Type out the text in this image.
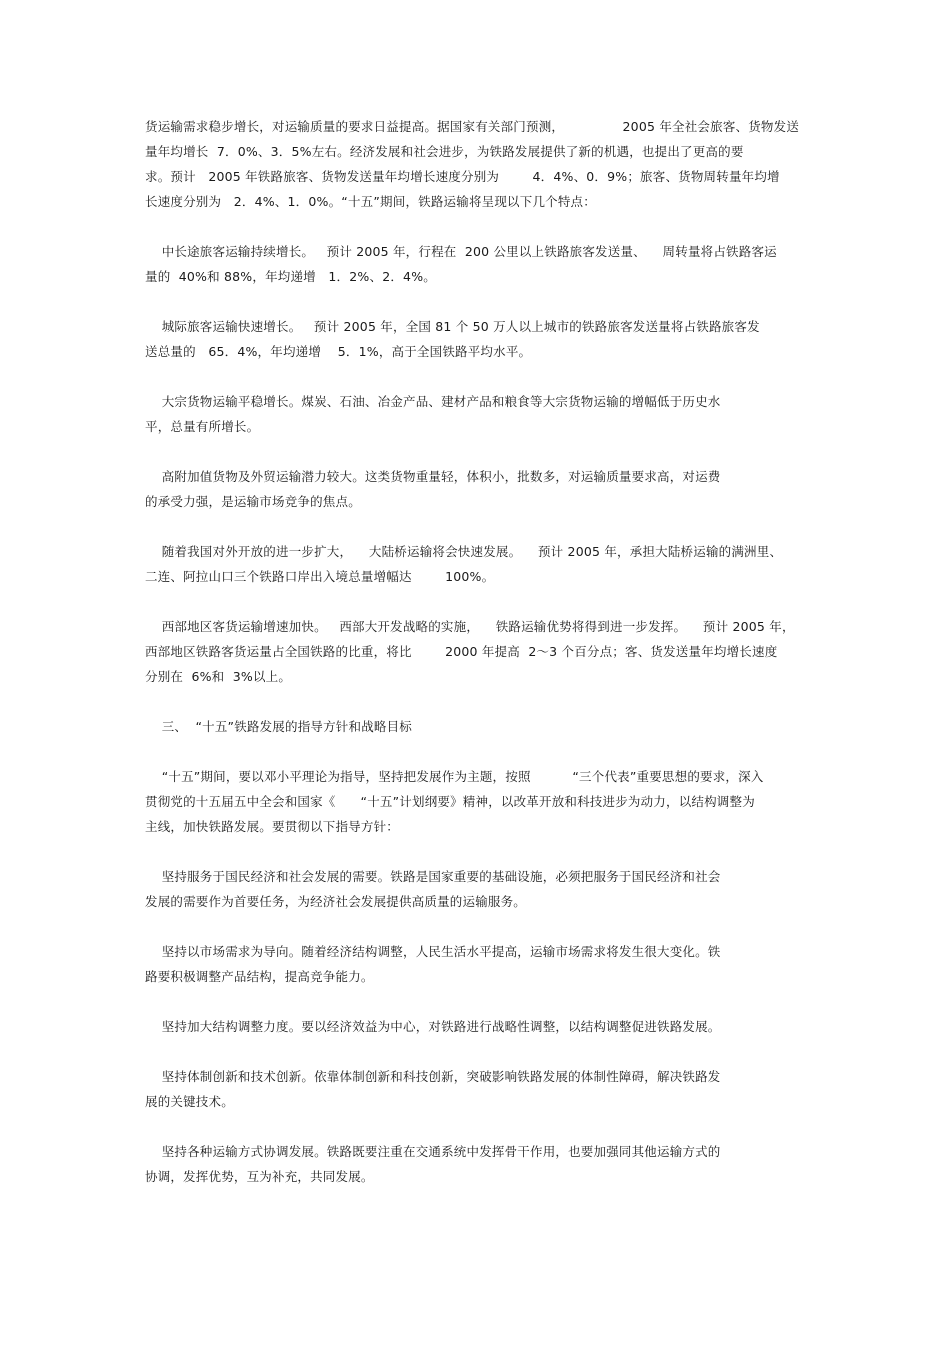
货运输需求稳步增长，对运输质量的要求日益提高。据国家有关部门预测，              2005 年全社会旅客、货物发送
量年均增长  7．0%、3．5%左右。经济发展和社会进步，为铁路发展提供了新的机遇，也提出了更高的要
求。预计   2005 年铁路旅客、货物发送量年均增长速度分别为        4．4%、0．9%；旅客、货物周转量年均增
长速度分别为   2．4%、1．0%。“十五”期间，铁路运输将呈现以下几个特点：
中长途旅客运输持续增长。   预计 2005 年，行程在  200 公里以上铁路旅客发送量、    周转量将占铁路客运
量的  40%和 88%，年均递增   1．2%、2．4%。
城际旅客运输快速增长。   预计 2005 年，全国 81 个 50 万人以上城市的铁路旅客发送量将占铁路旅客发
送总量的   65．4%，年均递增    5．1%，高于全国铁路平均水平。
大宗货物运输平稳增长。煤炭、石油、冶金产品、建材产品和粮食等大宗货物运输的增幅低于历史水
平，总量有所增长。
高附加值货物及外贸运输潜力较大。这类货物重量轻，体积小，批数多，对运输质量要求高，对运费
的承受力强，是运输市场竞争的焦点。
随着我国对外开放的进一步扩大，    大陆桥运输将会快速发展。    预计 2005 年，承担大陆桥运输的满洲里、
二连、阿拉山口三个铁路口岸出入境总量增幅达        100%。
西部地区客货运输增速加快。   西部大开发战略的实施，    铁路运输优势将得到进一步发挥。    预计 2005 年，
西部地区铁路客货运量占全国铁路的比重，将比        2000 年提高  2～3 个百分点；客、货发送量年均增长速度
分别在  6%和  3%以上。
三、  “十五”铁路发展的指导方针和战略目标
“十五”期间，要以邓小平理论为指导，坚持把发展作为主题，按照          “三个代表”重要思想的要求，深入
贯彻党的十五届五中全会和国家《      “十五”计划纲要》精神，以改革开放和科技进步为动力，以结构调整为
主线，加快铁路发展。要贯彻以下指导方针：
坚持服务于国民经济和社会发展的需要。铁路是国家重要的基础设施，必须把服务于国民经济和社会
发展的需要作为首要任务，为经济社会发展提供高质量的运输服务。
坚持以市场需求为导向。随着经济结构调整，人民生活水平提高，运输市场需求将发生很大变化。铁
路要积极调整产品结构，提高竞争能力。
坚持加大结构调整力度。要以经济效益为中心，对铁路进行战略性调整，以结构调整促进铁路发展。
坚持体制创新和技术创新。依靠体制创新和科技创新，突破影响铁路发展的体制性障碍，解决铁路发
展的关键技术。
坚持各种运输方式协调发展。铁路既要注重在交通系统中发挥骨干作用，也要加强同其他运输方式的
协调，发挥优势，互为补充，共同发展。
